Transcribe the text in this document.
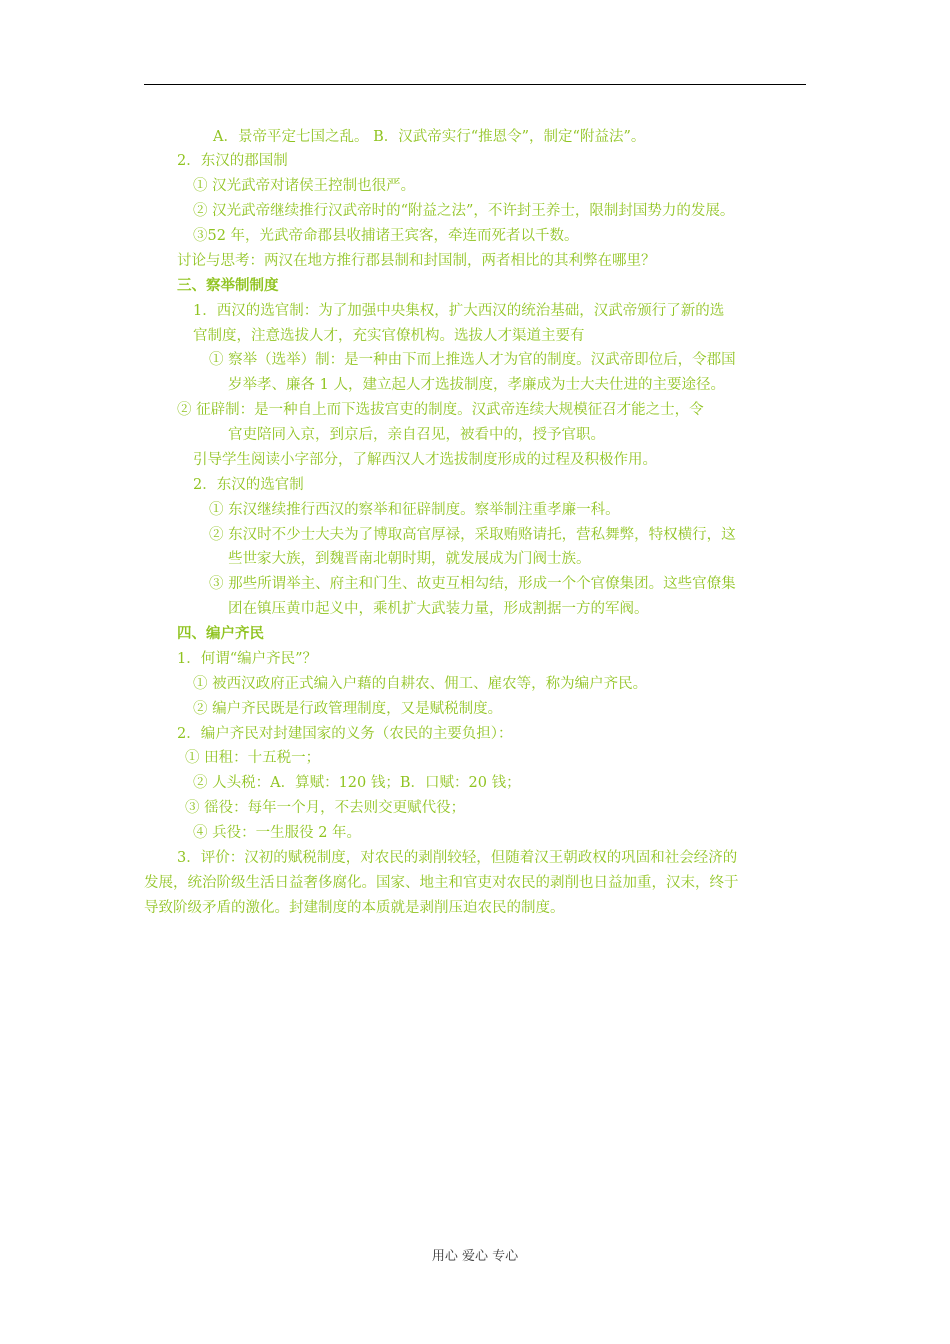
A．景帝平定七国之乱。 B．汉武帝实行“推恩令”，制定“附益法”。
2．东汉的郡国制
① 汉光武帝对诸侯王控制也很严。
② 汉光武帝继续推行汉武帝时的“附益之法”，不许封王养士，限制封国势力的发展。
③52 年，光武帝命郡县收捕诸王宾客，牵连而死者以千数。
讨论与思考：两汉在地方推行郡县制和封国制，两者相比的其利弊在哪里？
三、察举制制度
1．西汉的选官制：为了加强中央集权，扩大西汉的统治基础，汉武帝颁行了新的选
官制度，注意选拔人才，充实官僚机构。选拔人才渠道主要有
① 察举（选举）制：是一种由下而上推选人才为官的制度。汉武帝即位后，令郡国
岁举孝、廉各 1 人，建立起人才选拔制度，孝廉成为士大夫仕进的主要途径。
② 征辟制：是一种自上而下选拔宫吏的制度。汉武帝连续大规模征召才能之士，令
官吏陪同入京，到京后，亲自召见，被看中的，授予官职。
引导学生阅读小字部分，了解西汉人才选拔制度形成的过程及积极作用。
2．东汉的选官制
① 东汉继续推行西汉的察举和征辟制度。察举制注重孝廉一科。
② 东汉时不少士大夫为了博取高官厚禄，采取贿赂请托，营私舞弊，特权横行，这
些世家大族，到魏晋南北朝时期，就发展成为门阀士族。
③ 那些所谓举主、府主和门生、故吏互相勾结，形成一个个官僚集团。这些官僚集
团在镇压黄巾起义中，乘机扩大武装力量，形成割据一方的军阀。
四、编户齐民
1．何谓“编户齐民”？
① 被西汉政府正式编入户藉的自耕农、佣工、雇农等，称为编户齐民。
② 编户齐民既是行政管理制度，又是赋税制度。
2．编户齐民对封建国家的义务（农民的主要负担）：
① 田租：十五税一；
② 人头税：A．算赋：120 钱；B．口赋：20 钱；
③ 徭役：每年一个月，不去则交更赋代役；
④ 兵役：一生服役 2 年。
3．评价：汉初的赋税制度，对农民的剥削较轻，但随着汉王朝政权的巩固和社会经济的
发展，统治阶级生活日益奢侈腐化。国家、地主和官吏对农民的剥削也日益加重，汉末，终于
导致阶级矛盾的激化。封建制度的本质就是剥削压迫农民的制度。
用心 爱心 专心
